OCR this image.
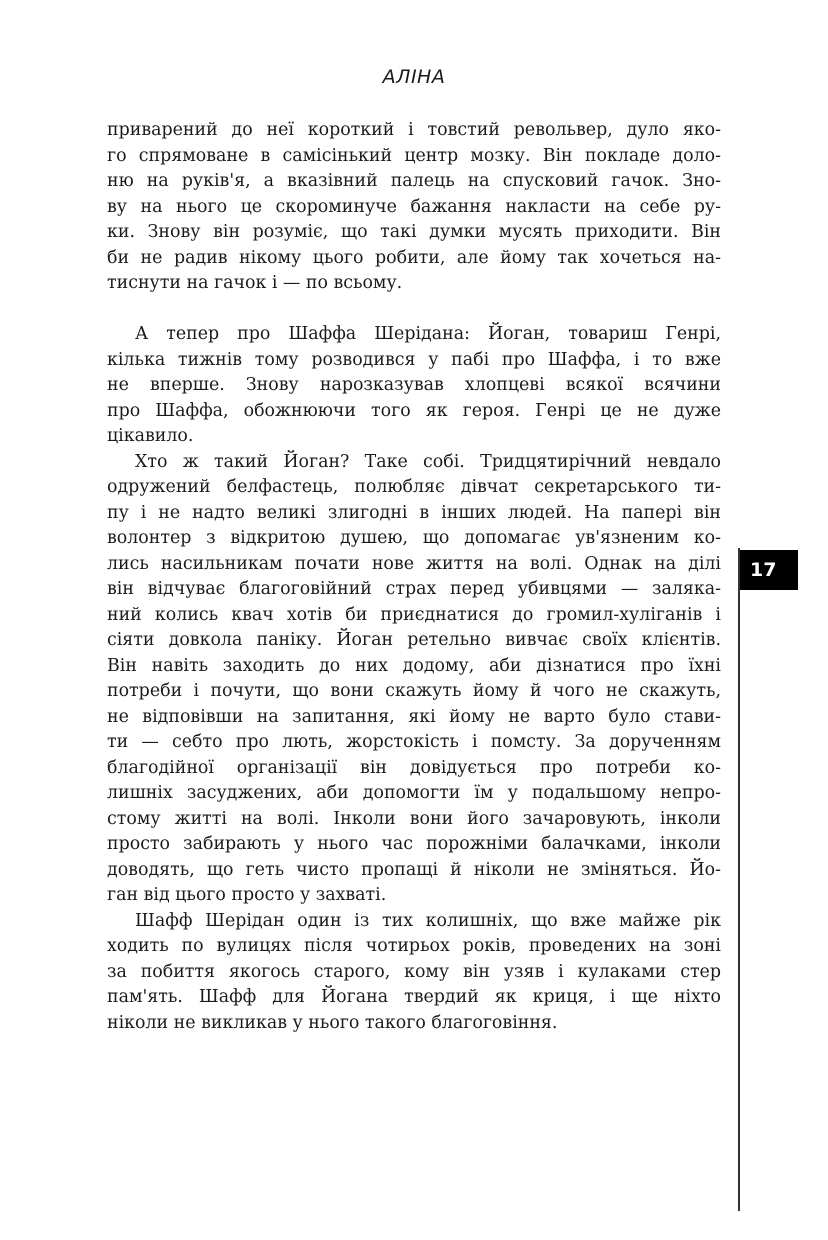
АЛІНА
приварений до неї короткий і товстий револьвер, дуло яко-
го спрямоване в самісінький центр мозку. Він покладе доло-
ню на руків'я, а вказівний палець на спусковий гачок. Зно-
ву на нього це скороминуче бажання накласти на себе ру-
ки. Знову він розуміє, що такі думки мусять приходити. Він
би не радив нікому цього робити, але йому так хочеться на-
тиснути на гачок і — по всьому.
А тепер про Шаффа Шерідана: Йоган, товариш Генрі,
кілька тижнів тому розводився у пабі про Шаффа, і то вже
не вперше. Знову нарозказував хлопцеві всякої всячини
про Шаффа, обожнюючи того як героя. Генрі це не дуже
цікавило.
Хто ж такий Йоган? Таке собі. Тридцятирічний невдало
одружений белфастець, полюбляє дівчат секретарського ти-
пу і не надто великі злигодні в інших людей. На папері він
волонтер з відкритою душею, що допомагає ув'язненим ко-
лись насильникам почати нове життя на волі. Однак на ділі
він відчуває благоговійний страх перед убивцями — заляка-
ний колись квач хотів би приєднатися до громил-хуліганів і
сіяти довкола паніку. Йоган ретельно вивчає своїх клієнтів.
Він навіть заходить до них додому, аби дізнатися про їхні
потреби і почути, що вони скажуть йому й чого не скажуть,
не відповівши на запитання, які йому не варто було стави-
ти — себто про лють, жорстокість і помсту. За дорученням
благодійної організації він довідується про потреби ко-
лишніх засуджених, аби допомогти їм у подальшому непро-
стому житті на волі. Інколи вони його зачаровують, інколи
просто забирають у нього час порожніми балачками, інколи
доводять, що геть чисто пропащі й ніколи не зміняться. Йо-
ган від цього просто у захваті.
Шафф Шерідан один із тих колишніх, що вже майже рік
ходить по вулицях після чотирьох років, проведених на зоні
за побиття якогось старого, кому він узяв і кулаками стер
пам'ять. Шафф для Йогана твердий як криця, і ще ніхто
ніколи не викликав у нього такого благоговіння.
17
